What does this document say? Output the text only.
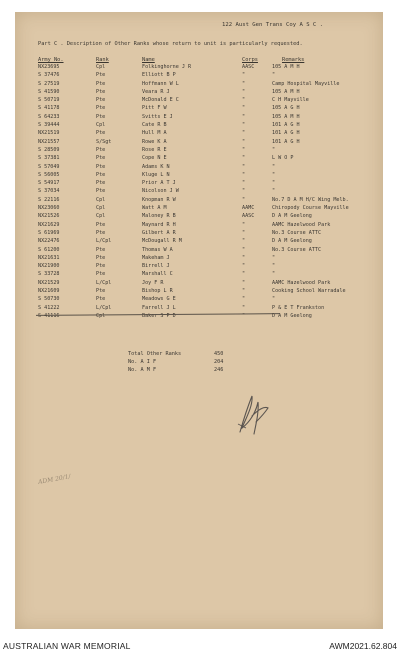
122 Aust Gen Trans Coy A S C .
Part C . Description of Other Ranks whose return to unit is particularly requested.
Army No.	Rank	Name	Corps	Remarks
NX23695	Cpl	Folkinghorne J R	AASC	105 A M H
S 37476	Pte	Elliott B P	"	"
S 27519	Pte	Hoffmann W L	"	Camp Hospital Mayville
S 41590	Pte	Veara R J	"	105 A M H
S 50719	Pte	McDonald E C	"	C H Mayville
S 41178	Pte	Pitt F W	"	105 A G H
S 64233	Pte	Svitts E J	"	105 A M H
S 39444	Cpl	Cate R B	"	101 A G H
NX21519	Pte	Hull M A	"	101 A G H
NX21557	S/Sgt	Rowe K A	"	101 A G H
S 28509	Pte	Rose R E	"	"
S 37381	Pte	Cope N E	"	L W O P
S 57049	Pte	Adams K N	"	"
S 56005	Pte	Kluge L N	"	"
S 54917	Pte	Prior A T J	"	"
S 37034	Pte	Nicolson J W	"	"
S 22116	Cpl	Knopman R W	"	No.7 D A M H/C Wing Melb.
NX23060	Cpl	Watt A M	AAMC	Chiropody Course Mayville
NX21526	Cpl	Maloney R B	AASC	D A M Geelong
NX21629	Pte	Maynard R H	"	AAMC Hazelwood Park
S 61969	Pte	Gilbert A R	"	No.3 Course ATTC
NX22476	L/Cpl	McDougall R M	"	D A M Geelong
S 61200	Pte	Thomas W A	"	No.3 Course ATTC
NX21631	Pte	Makeham J	"	"
NX21900	Pte	Birrell J	"	"
S 33728	Pte	Marshall C	"	"
NX21529	L/Cpl	Joy F R	"	AAMC Hazelwood Park
NX21609	Pte	Bishop L R	"	Cooking School Warradale
S 50730	Pte	Meadows G E	"	"
S 41222	L/Cpl	Farrell J L	"	P & E T Frankston
S 41116	Cpl	Baker S P D	"	D A M Geelong
Total Other Ranks	450
No. A I F	204
No. A M F	246
ADM 20/1/
AUSTRALIAN WAR MEMORIAL	AWM2021.62.804
